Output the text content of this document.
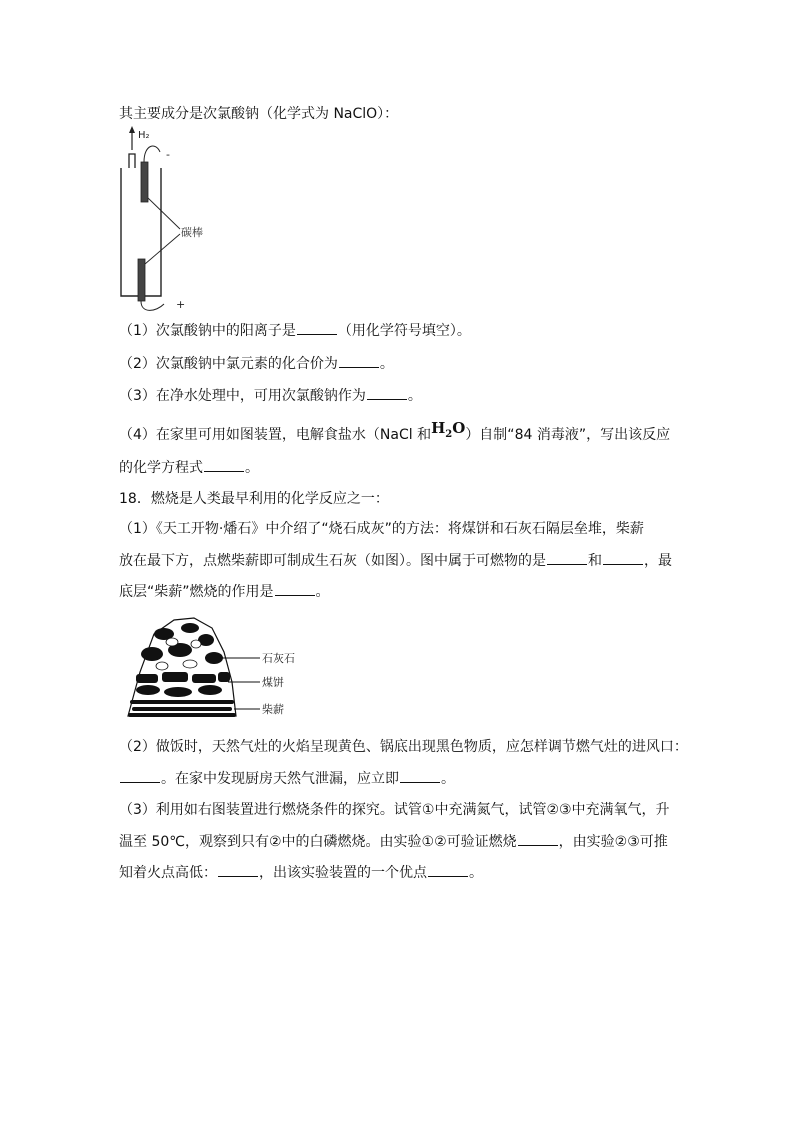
其主要成分是次氯酸钠（化学式为 NaClO）：
H₂
-
+
碳棒
（1）次氯酸钠中的阳离子是	（用化学符号填空）。
（2）次氯酸钠中氯元素的化合价为	。
（3）在净水处理中，可用次氯酸钠作为	。
（4）在家里可用如图装置，电解食盐水（NaCl 和$H_2O$）自制“84 消毒液”，写出该反应
的化学方程式	。
18．燃烧是人类最早利用的化学反应之一：
（1）《天工开物·燔石》中介绍了“烧石成灰”的方法：将煤饼和石灰石隔层垒堆，柴薪
放在最下方，点燃柴薪即可制成生石灰（如图）。图中属于可燃物的是	和	，最
底层“柴薪”燃烧的作用是	。
石灰石
煤饼
柴薪
（2）做饭时，天然气灶的火焰呈现黄色、锅底出现黑色物质，应怎样调节燃气灶的进风口：
。在家中发现厨房天然气泄漏，应立即	。
（3）利用如右图装置进行燃烧条件的探究。试管①中充满氮气，试管②③中充满氧气，升
温至 50℃，观察到只有②中的白磷燃烧。由实验①②可验证燃烧	，由实验②③可推
知着火点高低：	，出该实验装置的一个优点	。
